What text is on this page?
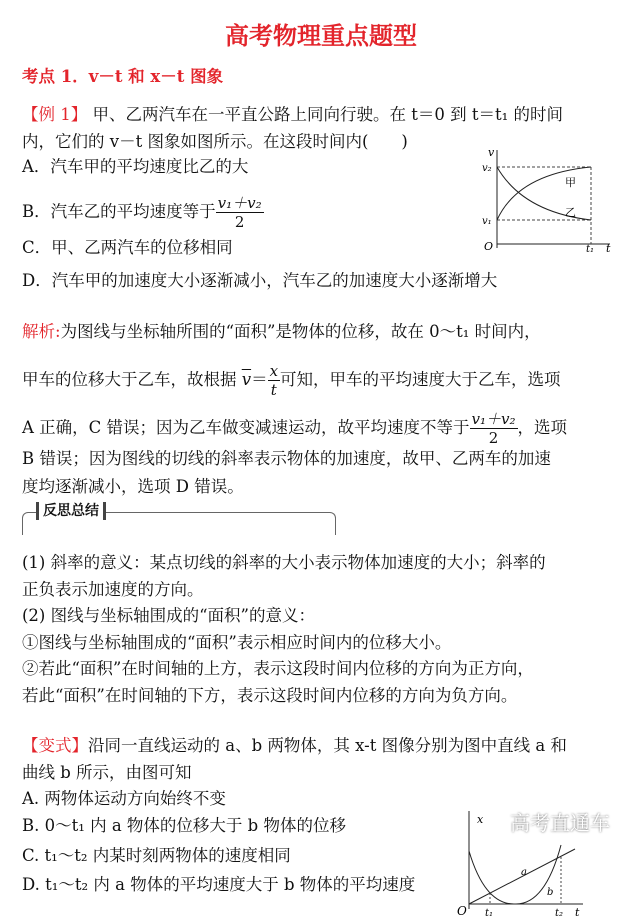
高考物理重点题型
考点 1．v－t 和 x－t 图象
【例 1】 甲、乙两汽车在一平直公路上同向行驶。在 t＝0 到 t＝t₁ 的时间
内，它们的 v－t 图象如图所示。在这段时间内(　　)
A．汽车甲的平均速度比乙的大
B．汽车乙的平均速度等于 $\frac{\text{v₁＋v₂}}{2}$
C．甲、乙两汽车的位移相同
D．汽车甲的加速度大小逐渐减小，汽车乙的加速度大小逐渐增大
v
v₂
v₁
O	t₁ t
甲
乙
解析:为图线与坐标轴所围的“面积”是物体的位移，故在 0～t₁ 时间内，
甲车的位移大于乙车，故根据 $\overline{v}= \frac{x}{t}$ 可知，甲车的平均速度大于乙车，选项
A 正确，C 错误；因为乙车做变减速运动，故平均速度不等于 $\frac{\text{v₁＋v₂}}{2}$ ，选项
B 错误；因为图线的切线的斜率表示物体的加速度，故甲、乙两车的加速
度均逐渐减小，选项 D 错误。
反思总结
(1) 斜率的意义：某点切线的斜率的大小表示物体加速度的大小；斜率的
正负表示加速度的方向。
(2) 图线与坐标轴围成的“面积”的意义：
①图线与坐标轴围成的“面积”表示相应时间内的位移大小。
②若此“面积”在时间轴的上方，表示这段时间内位移的方向为正方向，
若此“面积”在时间轴的下方，表示这段时间内位移的方向为负方向。
【变式】沿同一直线运动的 a、b 两物体，其 x-t 图像分别为图中直线 a 和
曲线 b 所示，由图可知
A. 两物体运动方向始终不变
B. 0～t₁ 内 a 物体的位移大于 b 物体的位移
C. t₁～t₂ 内某时刻两物体的速度相同
D. t₁～t₂ 内 a 物体的平均速度大于 b 物体的平均速度
x
O t₁	t₂ t
a
b
高考直通车
